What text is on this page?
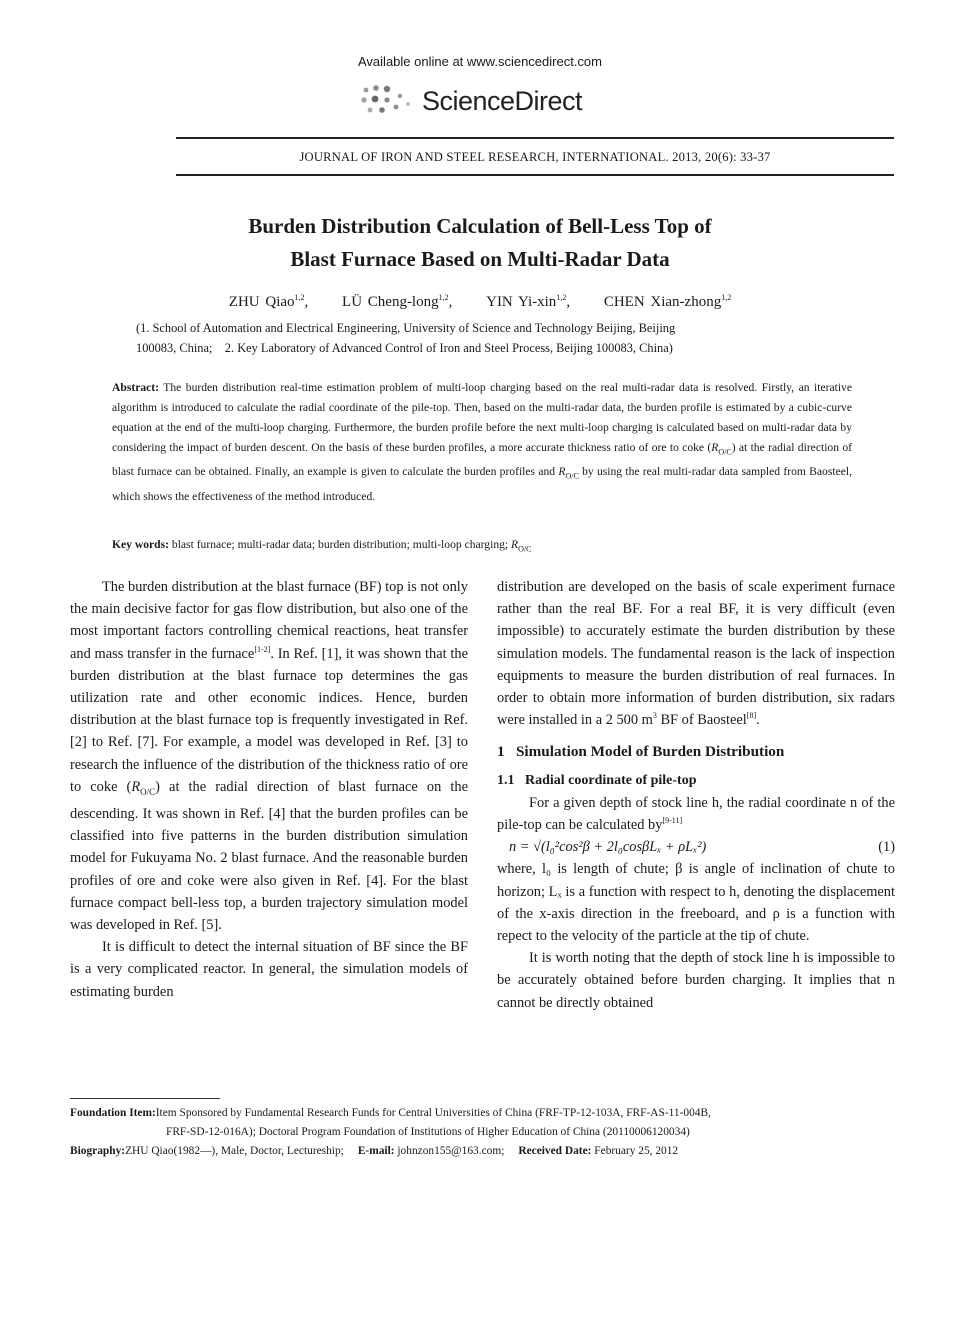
Available online at www.sciencedirect.com
ScienceDirect
JOURNAL OF IRON AND STEEL RESEARCH, INTERNATIONAL. 2013, 20(6): 33-37
Burden Distribution Calculation of Bell-Less Top of
Blast Furnace Based on Multi-Radar Data
ZHU Qiao$^{1,2}$, LÜ Cheng-long$^{1,2}$, YIN Yi-xin$^{1,2}$, CHEN Xian-zhong$^{1,2}$
(1. School of Automation and Electrical Engineering, University of Science and Technology Beijing, Beijing
100083, China;    2. Key Laboratory of Advanced Control of Iron and Steel Process, Beijing 100083, China)
Abstract: The burden distribution real-time estimation problem of multi-loop charging based on the real multi-radar data is resolved. Firstly, an iterative algorithm is introduced to calculate the radial coordinate of the pile-top. Then, based on the multi-radar data, the burden profile is estimated by a cubic-curve equation at the end of the multi-loop charging. Furthermore, the burden profile before the next multi-loop charging is calculated based on multi-radar data by considering the impact of burden descent. On the basis of these burden profiles, a more accurate thickness ratio of ore to coke $(R_{O/C})$ at the radial direction of blast furnace can be obtained. Finally, an example is given to calculate the burden profiles and $R_{O/C}$ by using the real multi-radar data sampled from Baosteel, which shows the effectiveness of the method introduced.
Key words: blast furnace; multi-radar data; burden distribution; multi-loop charging; $R_{O/C}$

The burden distribution at the blast furnace (BF) top is not only the main decisive factor for gas flow distribution, but also one of the most important factors controlling chemical reactions, heat transfer and mass transfer in the furnace[1-2]. In Ref. [1], it was shown that the burden distribution at the blast furnace top determines the gas utilization rate and other economic indices. Hence, burden distribution at the blast furnace top is frequently investigated in Ref. [2] to Ref. [7]. For example, a model was developed in Ref. [3] to research the influence of the distribution of the thickness ratio of ore to coke $(R_{O/C})$ at the radial direction of blast furnace on the descending. It was shown in Ref. [4] that the burden profiles can be classified into five patterns in the burden distribution simulation model for Fukuyama No. 2 blast furnace. And the reasonable burden profiles of ore and coke were also given in Ref. [4]. For the blast furnace compact bell-less top, a burden trajectory simulation model was developed in Ref. [5].

It is difficult to detect the internal situation of BF since the BF is a very complicated reactor. In general, the simulation models of estimating burden

distribution are developed on the basis of scale experiment furnace rather than the real BF. For a real BF, it is very difficult (even impossible) to accurately estimate the burden distribution by these simulation models. The fundamental reason is the lack of inspection equipments to measure the burden distribution of real furnaces. In order to obtain more information of burden distribution, six radars were installed in a 2 500 $m^3$ BF of Baosteel[8].

1   Simulation Model of Burden Distribution

1.1   Radial coordinate of pile-top

For a given depth of stock line h, the radial coordinate n of the pile-top can be calculated by[9-11]

n = √(l₀²cos²β + 2l₀cosβLₓ + ρLₓ²)	(1)

where, l₀ is length of chute; β is angle of inclination of chute to horizon; Lₓ is a function with respect to h, denoting the displacement of the x-axis direction in the freeboard, and ρ is a function with repect to the velocity of the particle at the tip of chute.

It is worth noting that the depth of stock line h is impossible to be accurately obtained before burden charging. It implies that n cannot be directly obtained

Foundation Item:Item Sponsored by Fundamental Research Funds for Central Universities of China (FRF-TP-12-103A, FRF-AS-11-004B,
FRF-SD-12-016A); Doctoral Program Foundation of Institutions of Higher Education of China (20110006120034)
Biography:ZHU Qiao(1982—), Male, Doctor, Lectureship; E-mail: johnzon155@163.com; Received Date: February 25, 2012
